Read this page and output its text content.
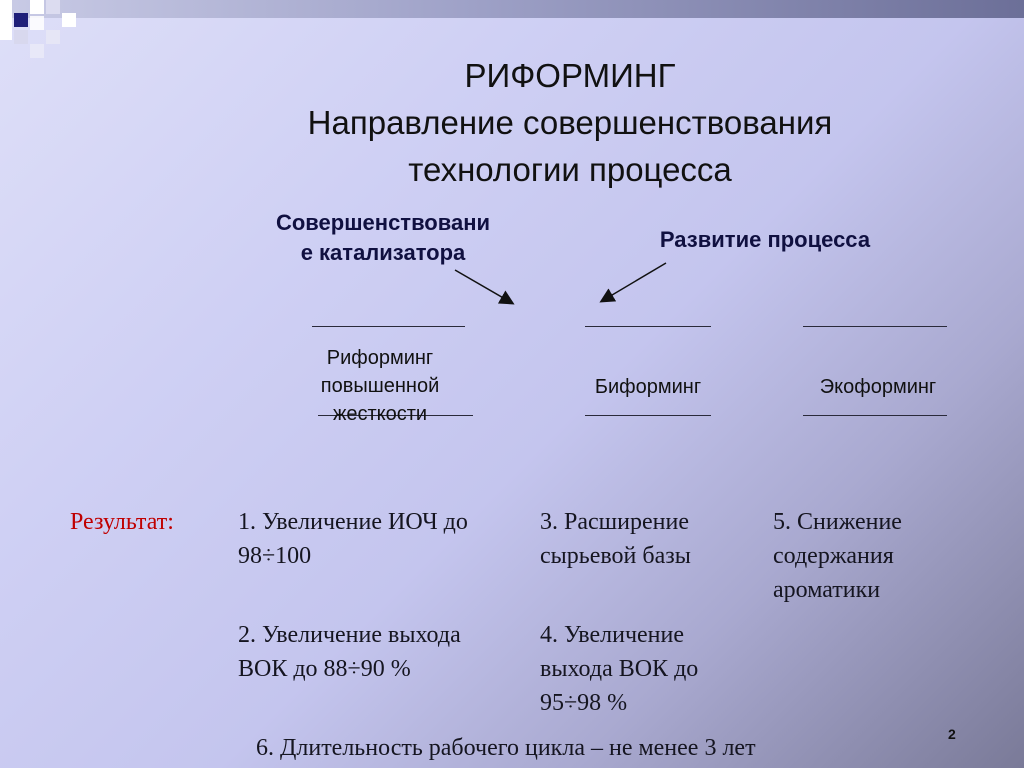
РИФОРМИНГ
Направление совершенствования
технологии процесса
Совершенствовани
е катализатора
Развитие процесса
Риформинг
повышенной
жесткости
Биформинг	Экоформинг
Результат:	1. Увеличение ИОЧ до
98÷100
2. Увеличение выхода
ВОК до 88÷90 %
3. Расширение
сырьевой базы
4. Увеличение
выхода ВОК до
95÷98 %
5. Снижение
содержания
ароматики
6. Длительность рабочего цикла – не менее 3 лет
2
